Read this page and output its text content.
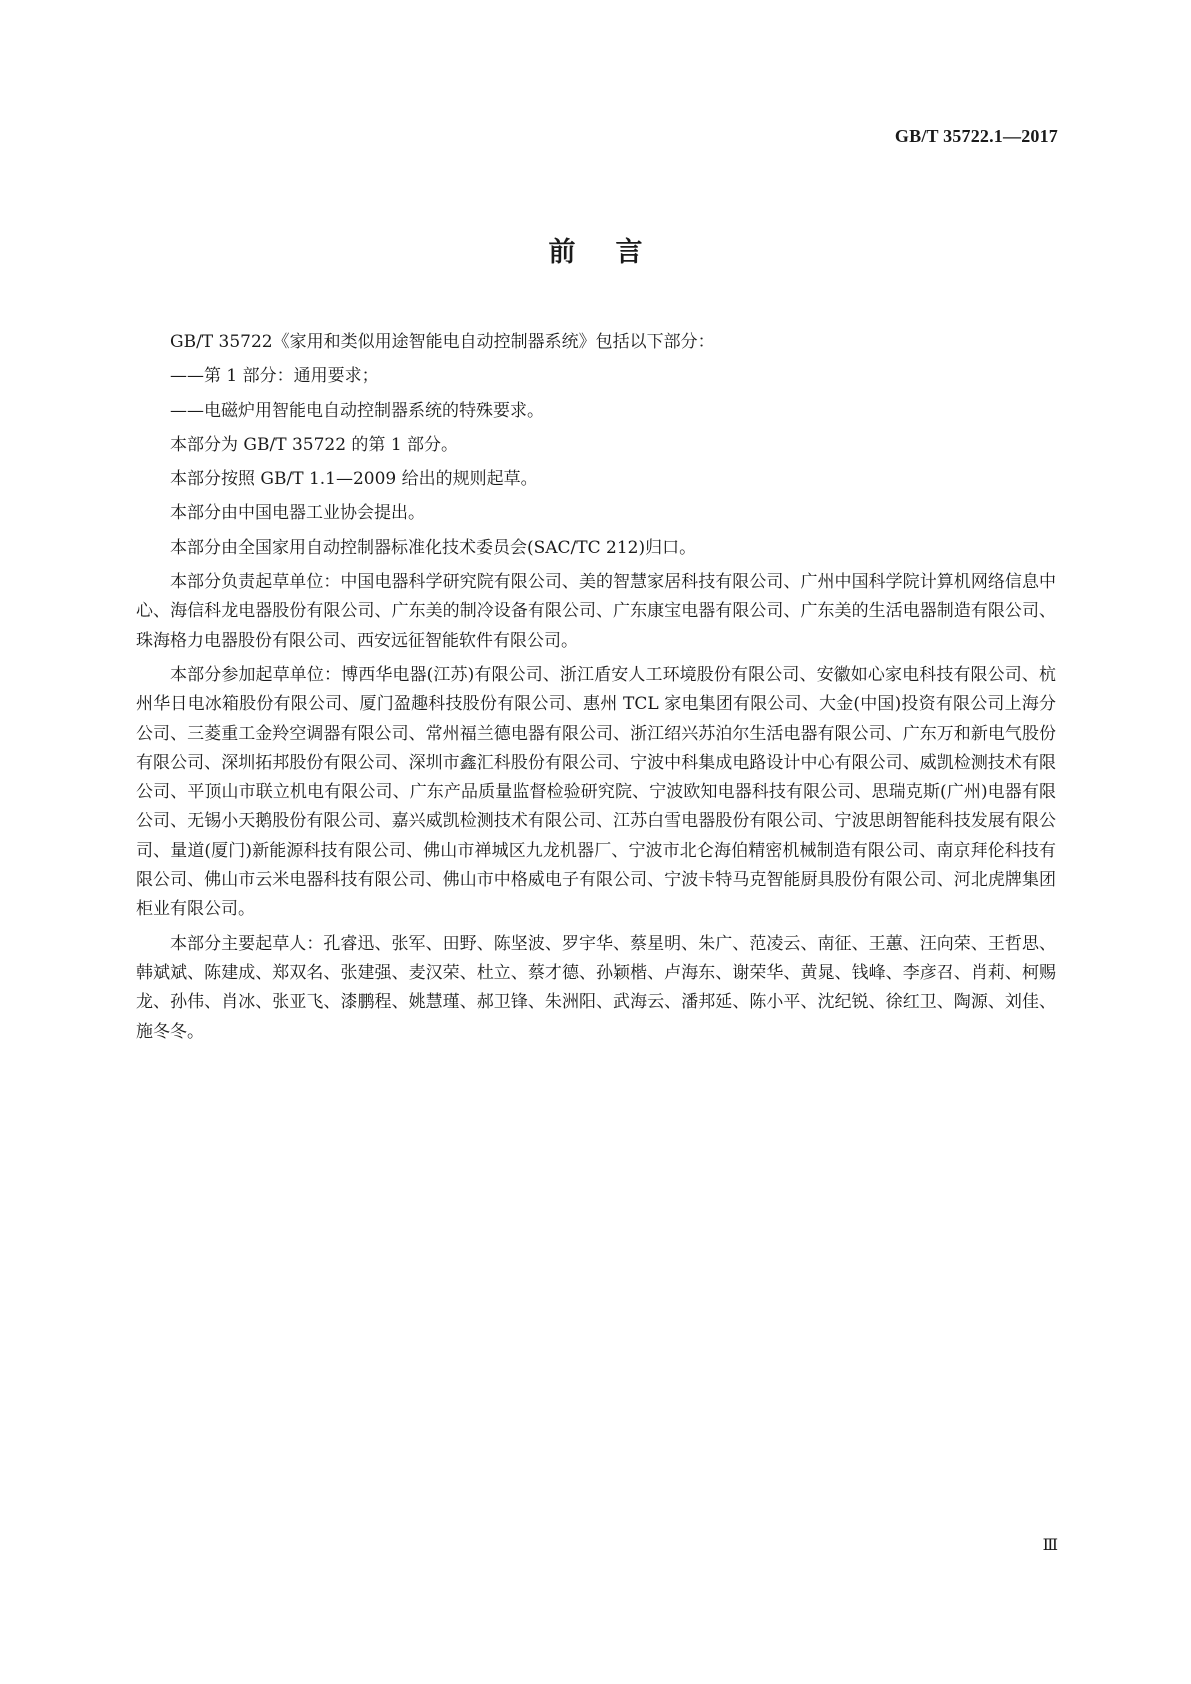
GB/T 35722.1—2017
前言

GB/T 35722《家用和类似用途智能电自动控制器系统》包括以下部分：

——第 1 部分：通用要求；

——电磁炉用智能电自动控制器系统的特殊要求。

本部分为 GB/T 35722 的第 1 部分。

本部分按照 GB/T 1.1—2009 给出的规则起草。

本部分由中国电器工业协会提出。

本部分由全国家用自动控制器标准化技术委员会(SAC/TC 212)归口。

本部分负责起草单位：中国电器科学研究院有限公司、美的智慧家居科技有限公司、广州中国科学院计算机网络信息中心、海信科龙电器股份有限公司、广东美的制冷设备有限公司、广东康宝电器有限公司、广东美的生活电器制造有限公司、珠海格力电器股份有限公司、西安远征智能软件有限公司。

本部分参加起草单位：博西华电器(江苏)有限公司、浙江盾安人工环境股份有限公司、安徽如心家电科技有限公司、杭州华日电冰箱股份有限公司、厦门盈趣科技股份有限公司、惠州 TCL 家电集团有限公司、大金(中国)投资有限公司上海分公司、三菱重工金羚空调器有限公司、常州福兰德电器有限公司、浙江绍兴苏泊尔生活电器有限公司、广东万和新电气股份有限公司、深圳拓邦股份有限公司、深圳市鑫汇科股份有限公司、宁波中科集成电路设计中心有限公司、威凯检测技术有限公司、平顶山市联立机电有限公司、广东产品质量监督检验研究院、宁波欧知电器科技有限公司、思瑞克斯(广州)电器有限公司、无锡小天鹅股份有限公司、嘉兴威凯检测技术有限公司、江苏白雪电器股份有限公司、宁波思朗智能科技发展有限公司、量道(厦门)新能源科技有限公司、佛山市禅城区九龙机器厂、宁波市北仑海伯精密机械制造有限公司、南京拜伦科技有限公司、佛山市云米电器科技有限公司、佛山市中格威电子有限公司、宁波卡特马克智能厨具股份有限公司、河北虎牌集团柜业有限公司。

本部分主要起草人：孔睿迅、张军、田野、陈坚波、罗宇华、蔡星明、朱广、范凌云、南征、王蕙、汪向荣、王哲思、韩斌斌、陈建成、郑双名、张建强、麦汉荣、杜立、蔡才德、孙颖楷、卢海东、谢荣华、黄晁、钱峰、李彦召、肖莉、柯赐龙、孙伟、肖冰、张亚飞、漆鹏程、姚慧瑾、郝卫锋、朱洲阳、武海云、潘邦延、陈小平、沈纪锐、徐红卫、陶源、刘佳、施冬冬。

Ⅲ
